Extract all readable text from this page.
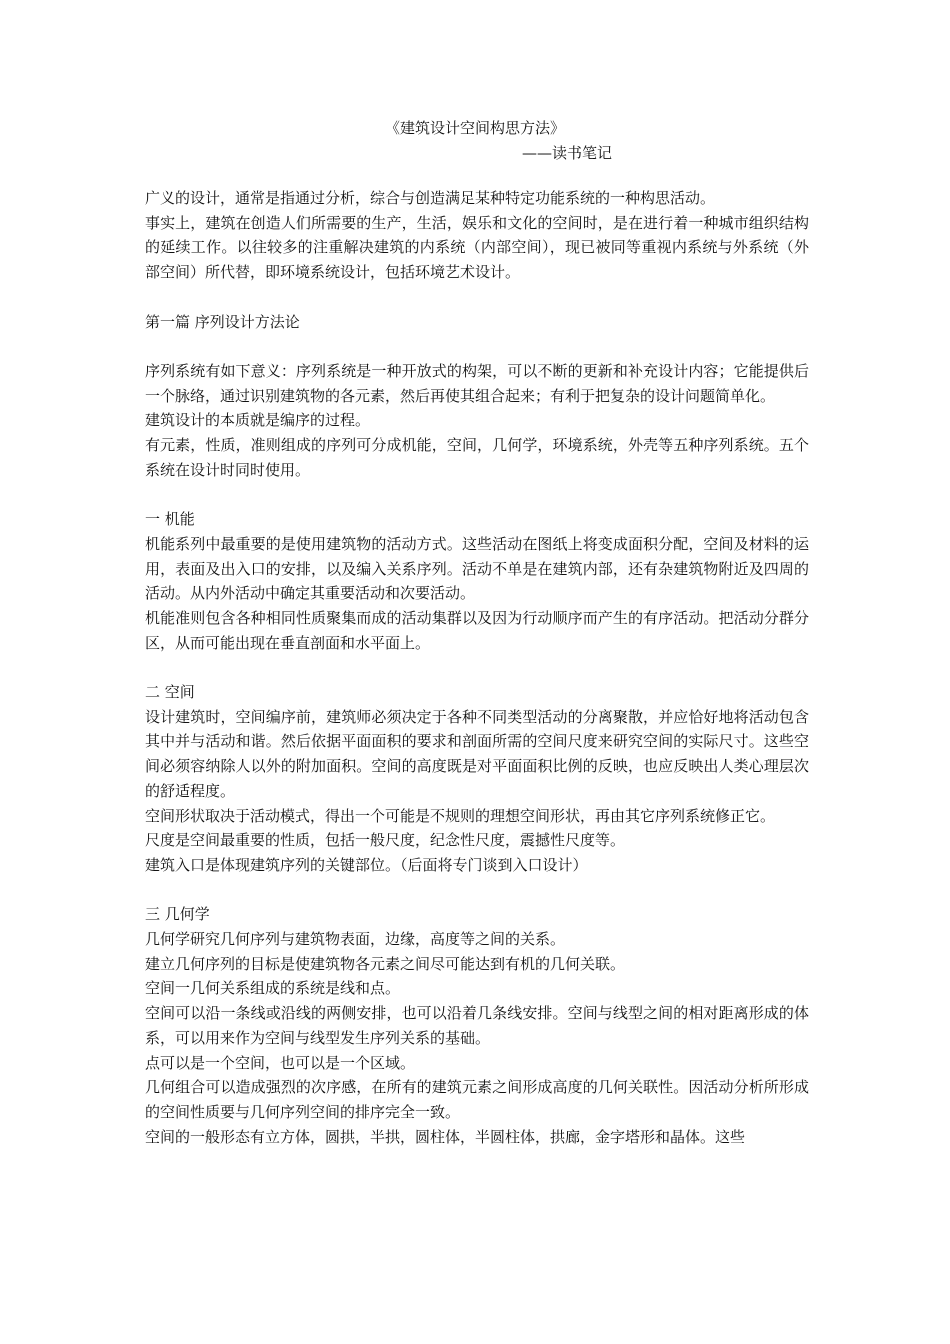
《建筑设计空间构思方法》
——读书笔记

广义的设计，通常是指通过分析，综合与创造满足某种特定功能系统的一种构思活动。

事实上，建筑在创造人们所需要的生产，生活，娱乐和文化的空间时，是在进行着一种城市组织结构的延续工作。以往较多的注重解决建筑的内系统（内部空间），现已被同等重视内系统与外系统（外部空间）所代替，即环境系统设计，包括环境艺术设计。

第一篇 序列设计方法论

序列系统有如下意义：序列系统是一种开放式的构架，可以不断的更新和补充设计内容；它能提供后一个脉络，通过识别建筑物的各元素，然后再使其组合起来；有利于把复杂的设计问题简单化。

建筑设计的本质就是编序的过程。

有元素，性质，准则组成的序列可分成机能，空间，几何学，环境系统，外壳等五种序列系统。五个系统在设计时同时使用。

一 机能

机能系列中最重要的是使用建筑物的活动方式。这些活动在图纸上将变成面积分配，空间及材料的运用，表面及出入口的安排，以及编入关系序列。活动不单是在建筑内部，还有杂建筑物附近及四周的活动。从内外活动中确定其重要活动和次要活动。

机能准则包含各种相同性质聚集而成的活动集群以及因为行动顺序而产生的有序活动。把活动分群分区，从而可能出现在垂直剖面和水平面上。

二 空间

设计建筑时，空间编序前，建筑师必须决定于各种不同类型活动的分离聚散，并应恰好地将活动包含其中并与活动和谐。然后依据平面面积的要求和剖面所需的空间尺度来研究空间的实际尺寸。这些空间必须容纳除人以外的附加面积。空间的高度既是对平面面积比例的反映，也应反映出人类心理层次的舒适程度。

空间形状取决于活动模式，得出一个可能是不规则的理想空间形状，再由其它序列系统修正它。

尺度是空间最重要的性质，包括一般尺度，纪念性尺度，震撼性尺度等。

建筑入口是体现建筑序列的关键部位。（后面将专门谈到入口设计）

三 几何学

几何学研究几何序列与建筑物表面，边缘，高度等之间的关系。

建立几何序列的目标是使建筑物各元素之间尽可能达到有机的几何关联。

空间一几何关系组成的系统是线和点。

空间可以沿一条线或沿线的两侧安排，也可以沿着几条线安排。空间与线型之间的相对距离形成的体系，可以用来作为空间与线型发生序列关系的基础。

点可以是一个空间，也可以是一个区域。

几何组合可以造成强烈的次序感，在所有的建筑元素之间形成高度的几何关联性。因活动分析所形成的空间性质要与几何序列空间的排序完全一致。

空间的一般形态有立方体，圆拱，半拱，圆柱体，半圆柱体，拱廊，金字塔形和晶体。这些
